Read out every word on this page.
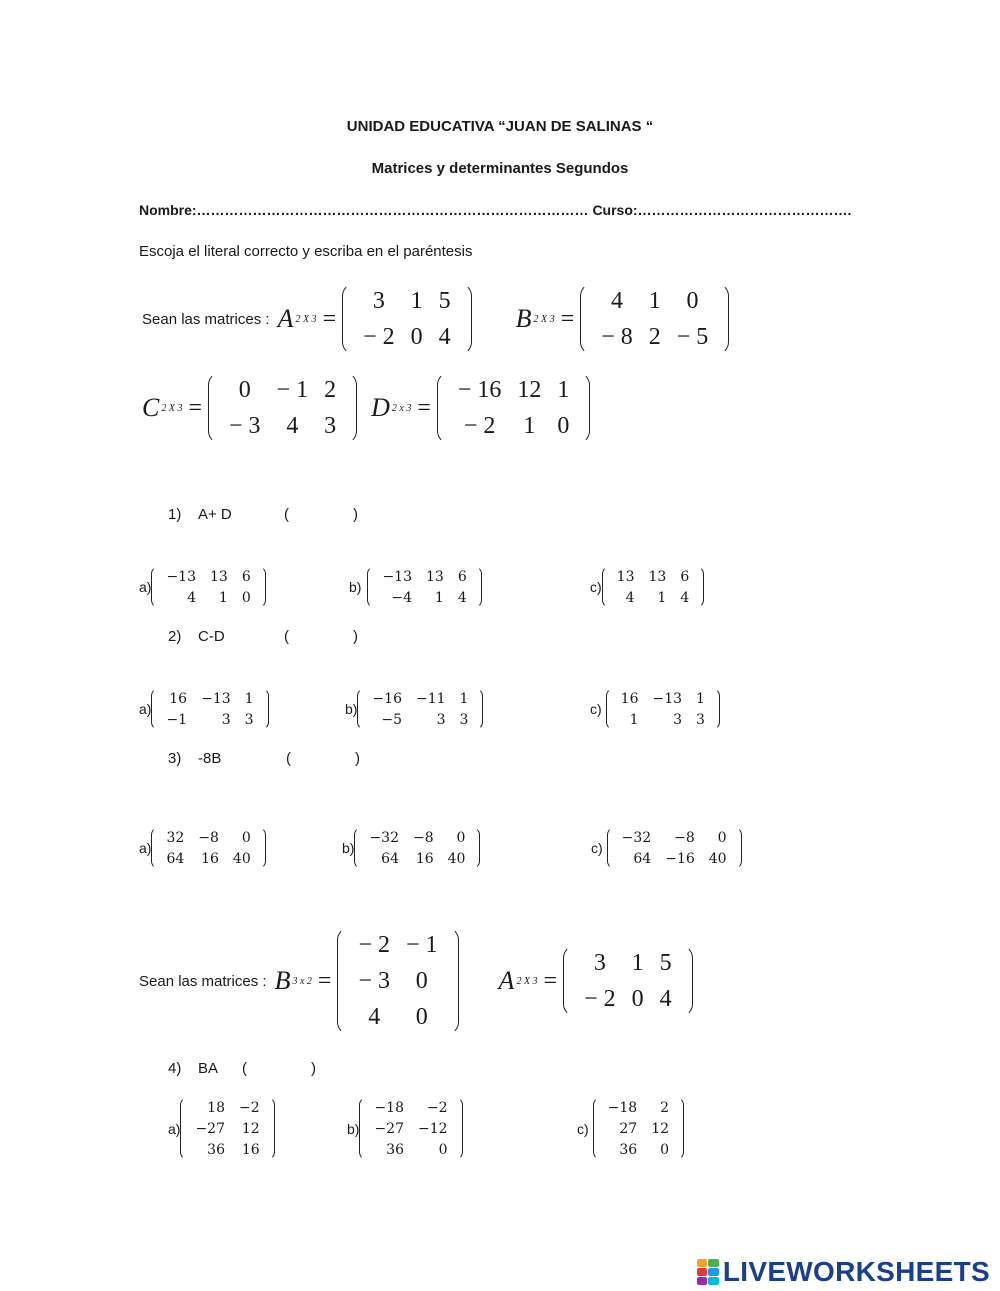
UNIDAD EDUCATIVA “JUAN DE SALINAS “
Matrices y determinantes Segundos
Nombre:………………………………………………………………………… Curso:……………………………………….
Escoja el literal correcto y escriba en el paréntesis
Sean las matrices : A 2 X 3 =
3	1	5
− 2	0	4
B 2 X 3 =
4	1	0
− 8	2	− 5
C 2 X 3 =
0	− 1	2
− 3	4	3
D 2 x 3 =
− 16	12	1
− 2	1	0
1)	A+ D	(	)
a)
−13	13	6
4	1	0
b)
−13	13	6
−4	1	4
c)
13	13	6
4	1	4
2)	C-D	(	)
a)
16	−13	1
−1	3	3
b)
−16	−11	1
−5	3	3
c)
16	−13	1
1	3	3
3)	-8B	(	)
a)
32	−8	0
64	16	40
b)
−32	−8	0
64	16	40
c)
−32	−8	0
64	−16	40
Sean las matrices : B 3 x 2 =
− 2	− 1
− 3	0
4	0
A 2 X 3 =
3	1	5
− 2	0	4
4)	BA	(	)
a)
18	−2
−27	12
36	16
b)
−18	−2
−27	−12
36	0
c)
−18	2
27	12
36	0
LIVEWORKSHEETS
